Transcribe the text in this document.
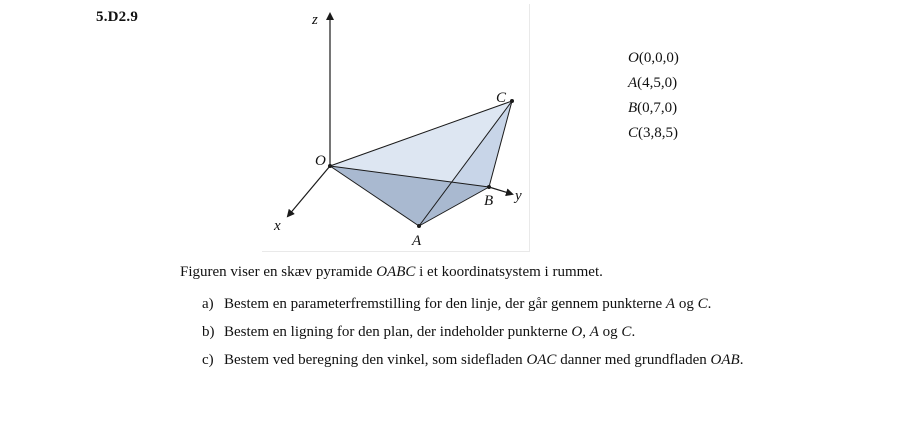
5.D2.9	z
x
y
O
A
B
C
O(0,0,0)
A(4,5,0)
B(0,7,0)
C(3,8,5)
Figuren viser en skæv pyramide OABC i et koordinatsystem i rummet.
a) Bestem en parameterfremstilling for den linje, der går gennem punkterne A og C.
b) Bestem en ligning for den plan, der indeholder punkterne O, A og C.
c) Bestem ved beregning den vinkel, som sidefladen OAC danner med grundfladen OAB.
